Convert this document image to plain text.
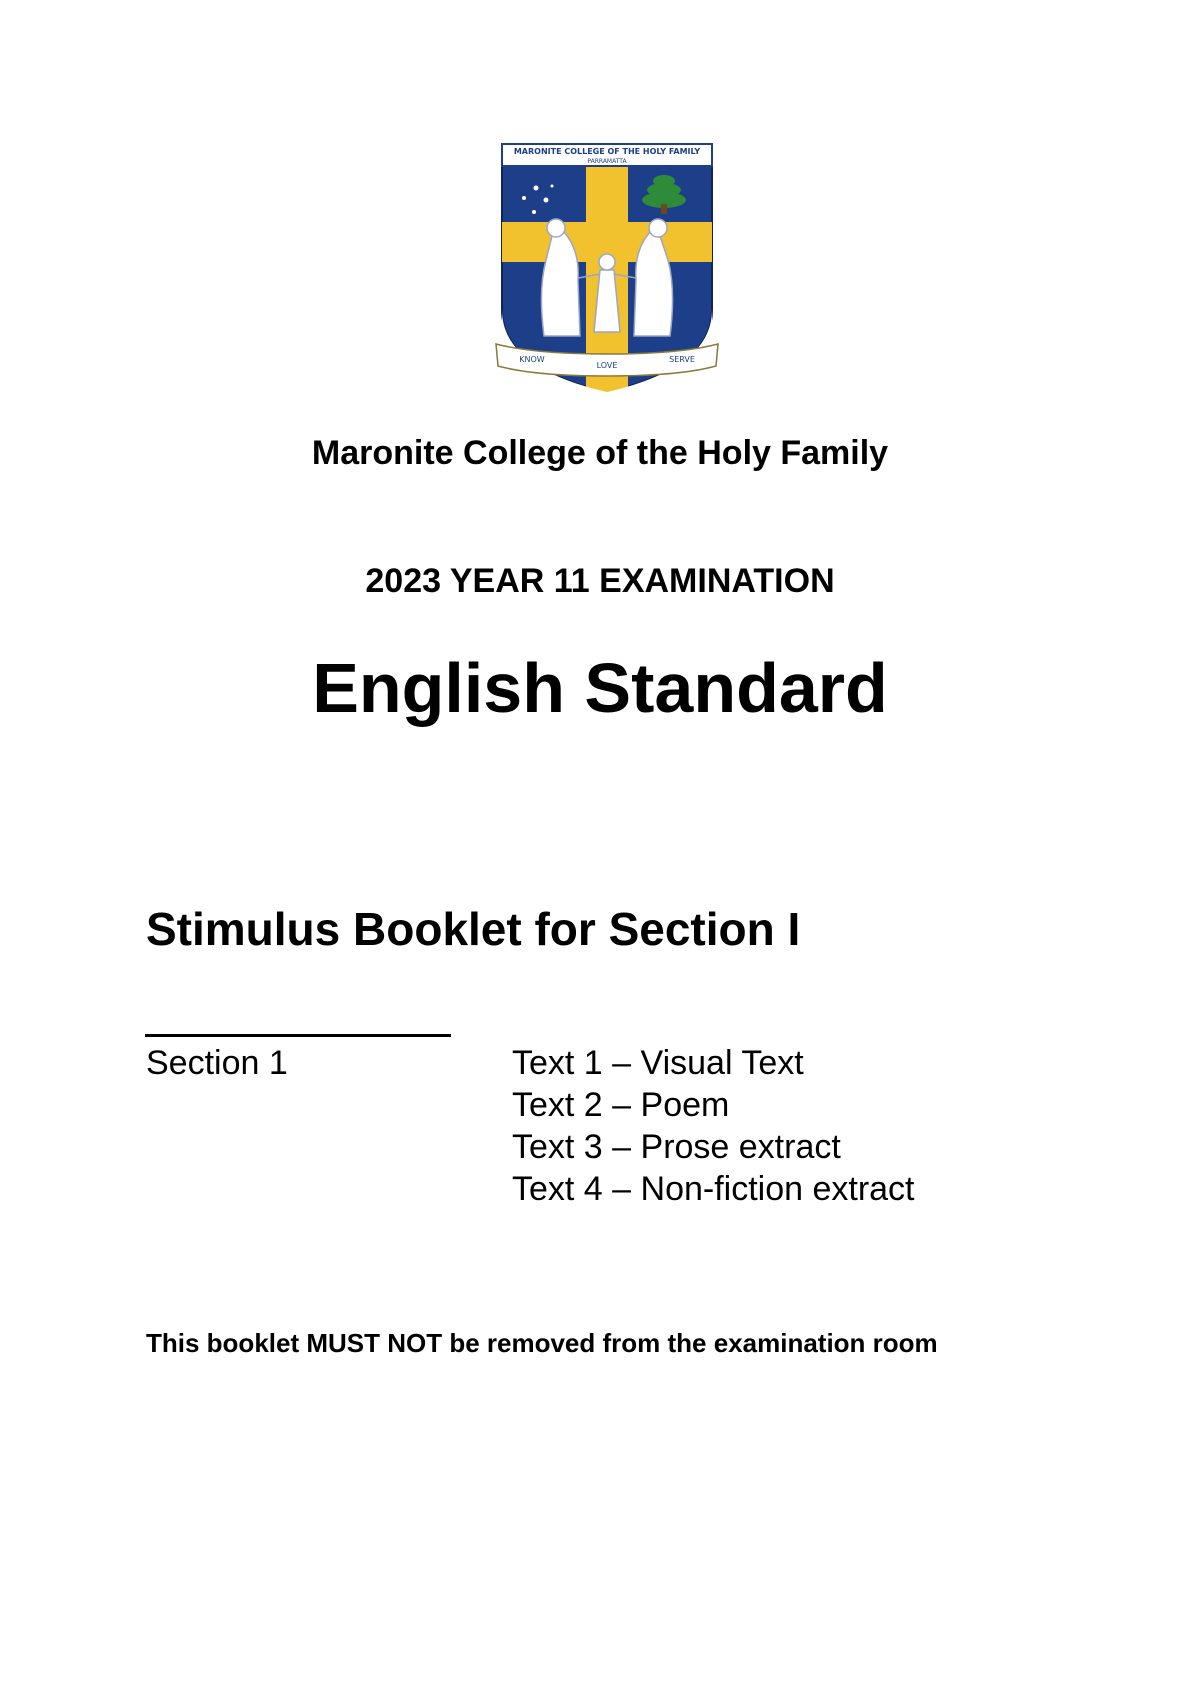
MARONITE COLLEGE OF THE HOLY FAMILY
PARRAMATTA
KNOW
LOVE
SERVE
Maronite College of the Holy Family
2023 YEAR 11 EXAMINATION
English Standard
Stimulus Booklet for Section I
Section 1	Text 1 – Visual Text
Text 2 – Poem
Text 3 – Prose extract
Text 4 – Non-fiction extract
This booklet MUST NOT be removed from the examination room
